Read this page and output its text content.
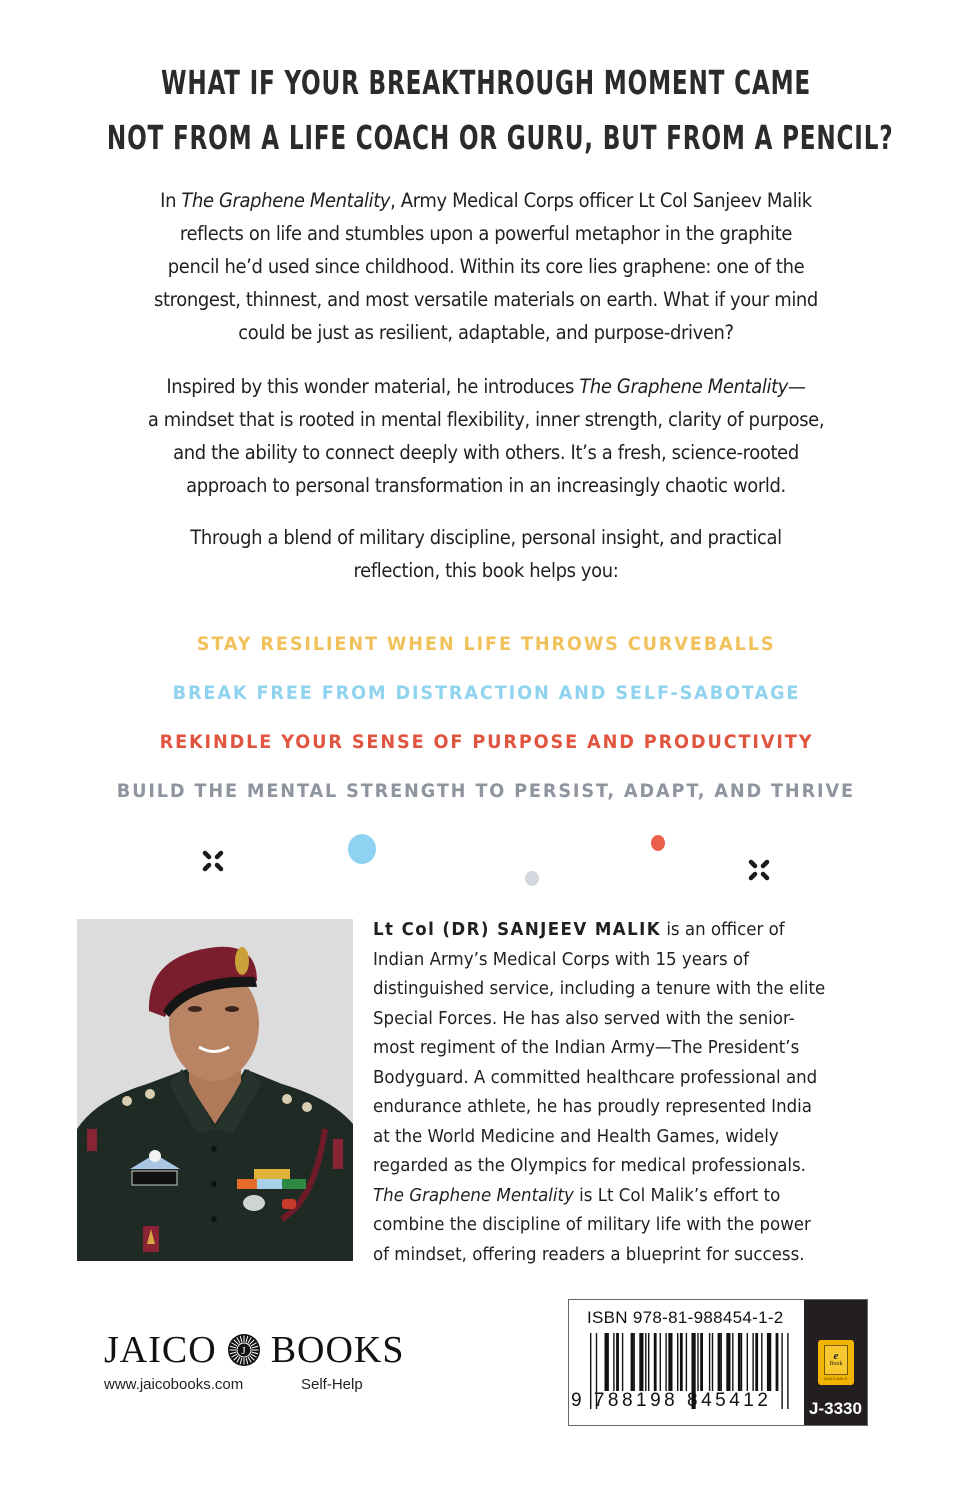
WHAT IF YOUR BREAKTHROUGH MOMENT CAME
NOT FROM A LIFE COACH OR GURU, BUT FROM A PENCIL?
In The Graphene Mentality, Army Medical Corps officer Lt Col Sanjeev Malik
reflects on life and stumbles upon a powerful metaphor in the graphite
pencil he’d used since childhood. Within its core lies graphene: one of the
strongest, thinnest, and most versatile materials on earth. What if your mind
could be just as resilient, adaptable, and purpose-driven?
Inspired by this wonder material, he introduces The Graphene Mentality—
a mindset that is rooted in mental flexibility, inner strength, clarity of purpose,
and the ability to connect deeply with others. It’s a fresh, science-rooted
approach to personal transformation in an increasingly chaotic world.
Through a blend of military discipline, personal insight, and practical
reflection, this book helps you:
STAY RESILIENT WHEN LIFE THROWS CURVEBALLS
BREAK FREE FROM DISTRACTION AND SELF-SABOTAGE
REKINDLE YOUR SENSE OF PURPOSE AND PRODUCTIVITY
BUILD THE MENTAL STRENGTH TO PERSIST, ADAPT, AND THRIVE
Lt Col (DR) SANJEEV MALIK is an officer of
Indian Army’s Medical Corps with 15 years of
distinguished service, including a tenure with the elite
Special Forces. He has also served with the senior-
most regiment of the Indian Army—The President’s
Bodyguard. A committed healthcare professional and
endurance athlete, he has proudly represented India
at the World Medicine and Health Games, widely
regarded as the Olympics for medical professionals.
The Graphene Mentality is Lt Col Malik’s effort to
combine the discipline of military life with the power
of mindset, offering readers a blueprint for success.
JAICO J BOOKS
www.jaicobooks.com	Self-Help
ISBN 978-81-988454-1-2
9 788198 845412
e
Book
AVAILABLE
J-3330
